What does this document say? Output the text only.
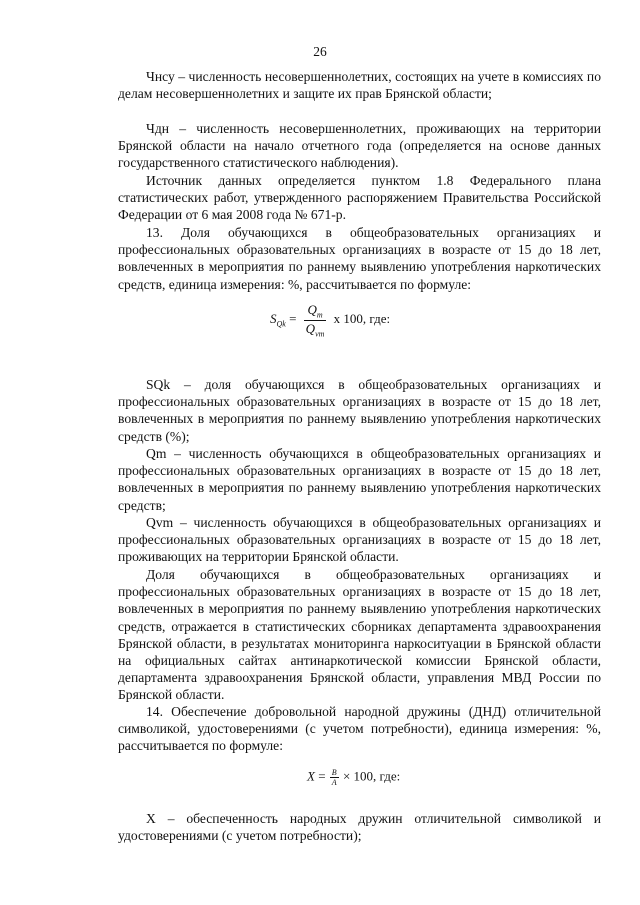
26

Чнсу – численность несовершеннолетних, состоящих на учете в комиссиях по делам несовершеннолетних и защите их прав Брянской области;

Чдн – численность несовершеннолетних, проживающих на территории Брянской области на начало отчетного года (определяется на основе данных государственного статистического наблюдения).

Источник данных определяется пунктом 1.8 Федерального плана статистических работ, утвержденного распоряжением Правительства Российской Федерации от 6 мая 2008 года № 671-р.

13. Доля обучающихся в общеобразовательных организациях и профессиональных образовательных организациях в возрасте от 15 до 18 лет, вовлеченных в мероприятия по раннему выявлению употребления наркотических средств, единица измерения: %, рассчитывается по формуле:

$S_{Qk} = \frac{Q_m}{Q_{vm}}$ x 100, где:

SQk – доля обучающихся в общеобразовательных организациях и профессиональных образовательных организациях в возрасте от 15 до 18 лет, вовлеченных в мероприятия по раннему выявлению употребления наркотических средств (%);

Qm – численность обучающихся в общеобразовательных организациях и профессиональных образовательных организациях в возрасте от 15 до 18 лет, вовлеченных в мероприятия по раннему выявлению употребления наркотических средств;

Qvm – численность обучающихся в общеобразовательных организациях и профессиональных образовательных организациях в возрасте от 15 до 18 лет, проживающих на территории Брянской области.

Доля обучающихся в общеобразовательных организациях и профессиональных образовательных организациях в возрасте от 15 до 18 лет, вовлеченных в мероприятия по раннему выявлению употребления наркотических средств, отражается в статистических сборниках департамента здравоохранения Брянской области, в результатах мониторинга наркоситуации в Брянской области на официальных сайтах антинаркотической комиссии Брянской области, департамента здравоохранения Брянской области, управления МВД России по Брянской области.

14. Обеспечение добровольной народной дружины (ДНД) отличительной символикой, удостоверениями (с учетом потребности), единица измерения: %, рассчитывается по формуле:

$X = \frac{B}{A} \times 100$, где:

Х – обеспеченность народных дружин отличительной символикой и удостоверениями (с учетом потребности);
